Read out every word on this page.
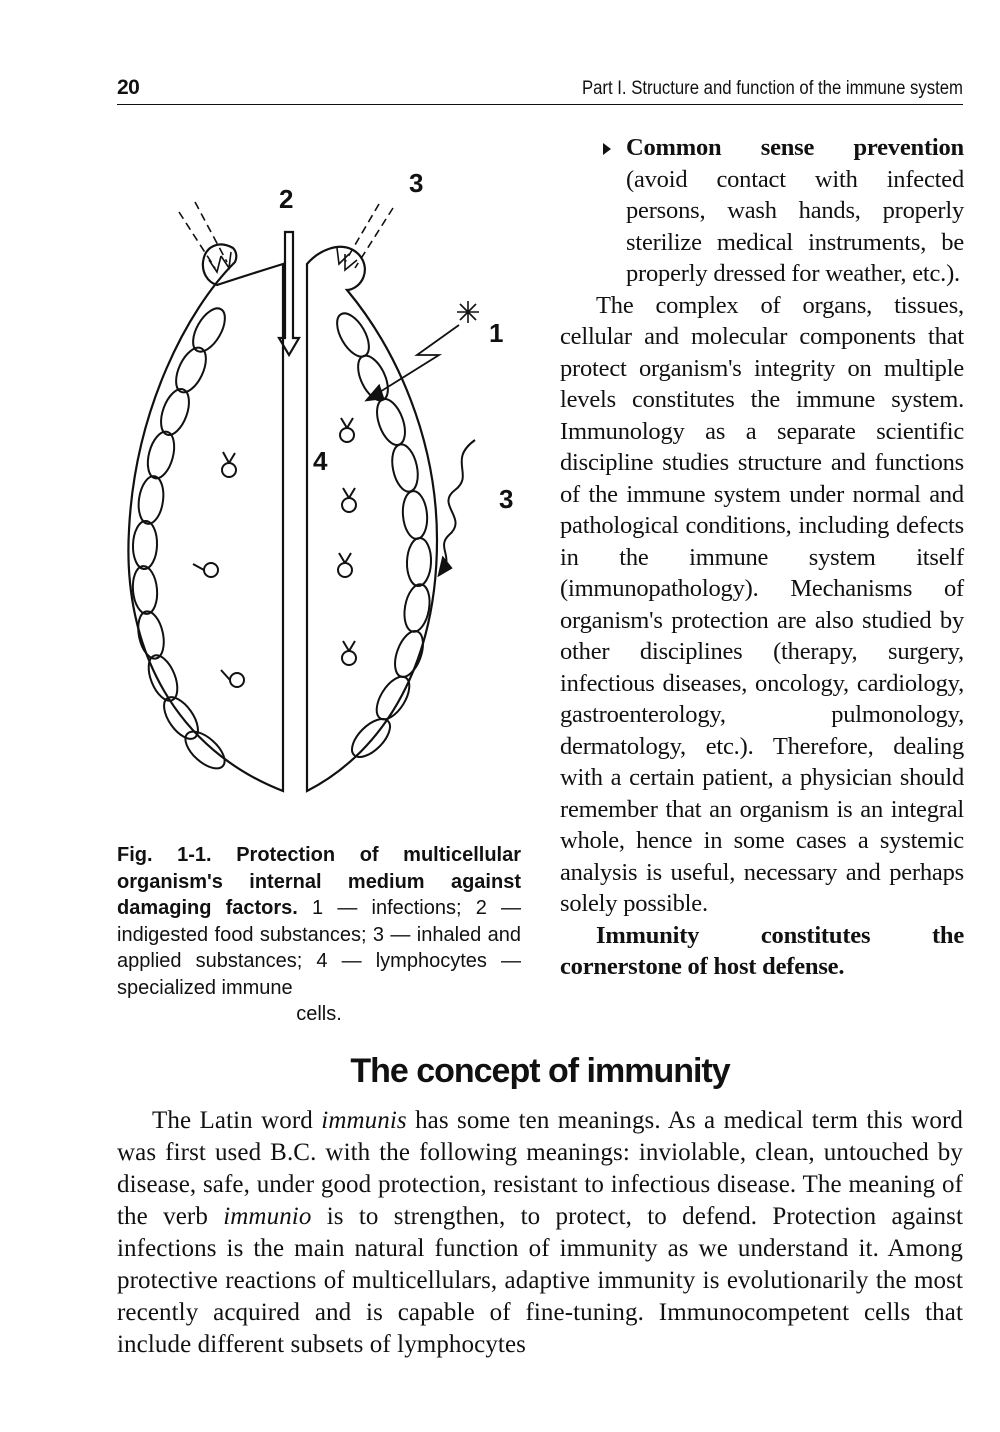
20	Part I. Structure and function of the immune system
2
3
1
4
3
Fig. 1-1. Protection of multicellular organism's internal medium against damaging factors. 1 — infections; 2 — indigested food substances; 3 — inhaled and applied substances; 4 — lymphocytes — specialized immune
cells.

Common sense prevention (avoid contact with infected persons, wash hands, properly sterilize medical instruments, be properly dressed for weather, etc.).

The complex of organs, tissues, cellular and molecular components that protect organism's integrity on multiple levels constitutes the immune system. Immunology as a separate scientific discipline studies structure and functions of the immune system under normal and pathological conditions, including defects in the immune system itself (immunopathology). Mechanisms of organism's protection are also studied by other disciplines (therapy, surgery, infectious diseases, oncology, cardiology, gastroenterology, pulmonology, dermatology, etc.). Therefore, dealing with a certain patient, a physician should remember that an organism is an integral whole, hence in some cases a systemic analysis is useful, necessary and perhaps solely possible.

Immunity constitutes the cornerstone of host defense.

The concept of immunity

The Latin word immunis has some ten meanings. As a medical term this word was first used B.C. with the following meanings: inviolable, clean, untouched by disease, safe, under good protection, resistant to infectious disease. The meaning of the verb immunio is to strengthen, to protect, to defend. Protection against infections is the main natural function of immunity as we understand it. Among protective reactions of multicellulars, adaptive immunity is evolutionarily the most recently acquired and is capable of fine-tuning. Immunocompetent cells that include different subsets of lymphocytes
